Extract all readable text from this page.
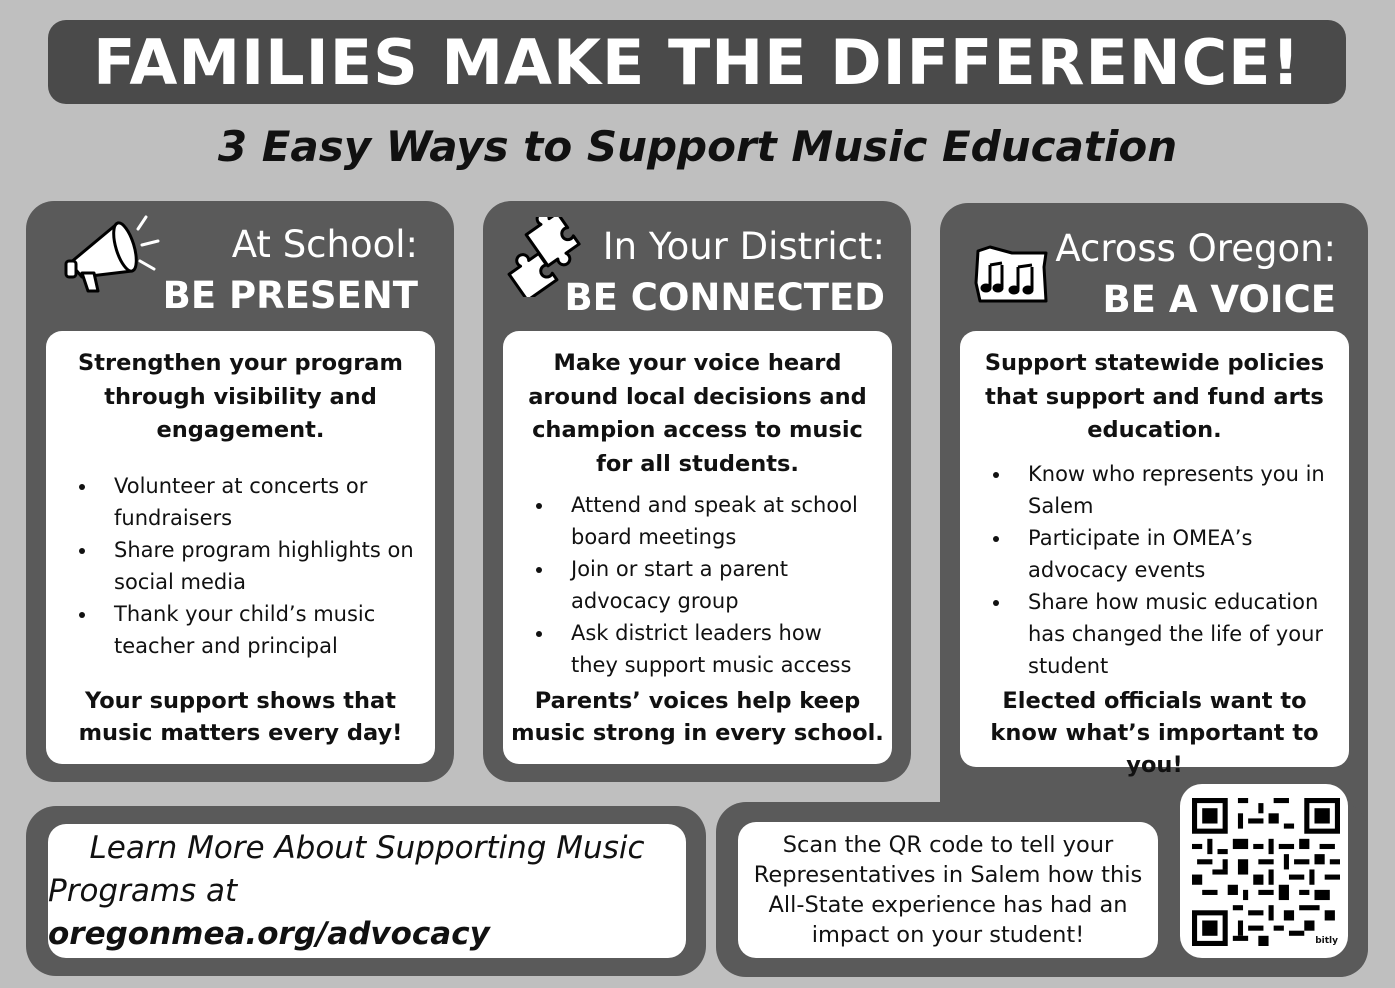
FAMILIES MAKE THE DIFFERENCE!
3 Easy Ways to Support Music Education
At School:
BE PRESENT

Strengthen your program through visibility and engagement.

• Volunteer at concerts or fundraisers
• Share program highlights on social media
• Thank your child’s music teacher and principal
Your support shows that music matters every day!
In Your District:
BE CONNECTED

Make your voice heard around local decisions and champion access to music for all students.

• Attend and speak at school board meetings
• Join or start a parent advocacy group
• Ask district leaders how they support music access
Parents’ voices help keep music strong in every school.
Across Oregon:
BE A VOICE

Support statewide policies that support and fund arts education.

• Know who represents you in Salem
• Participate in OMEA’s advocacy events
• Share how music education has changed the life of your student
Elected officials want to know what’s important to you!
Learn More About Supporting Music
Programs at oregonmea.org/advocacy
Scan the QR code to tell your Representatives in Salem how this All-State experience has had an impact on your student!	bitly
